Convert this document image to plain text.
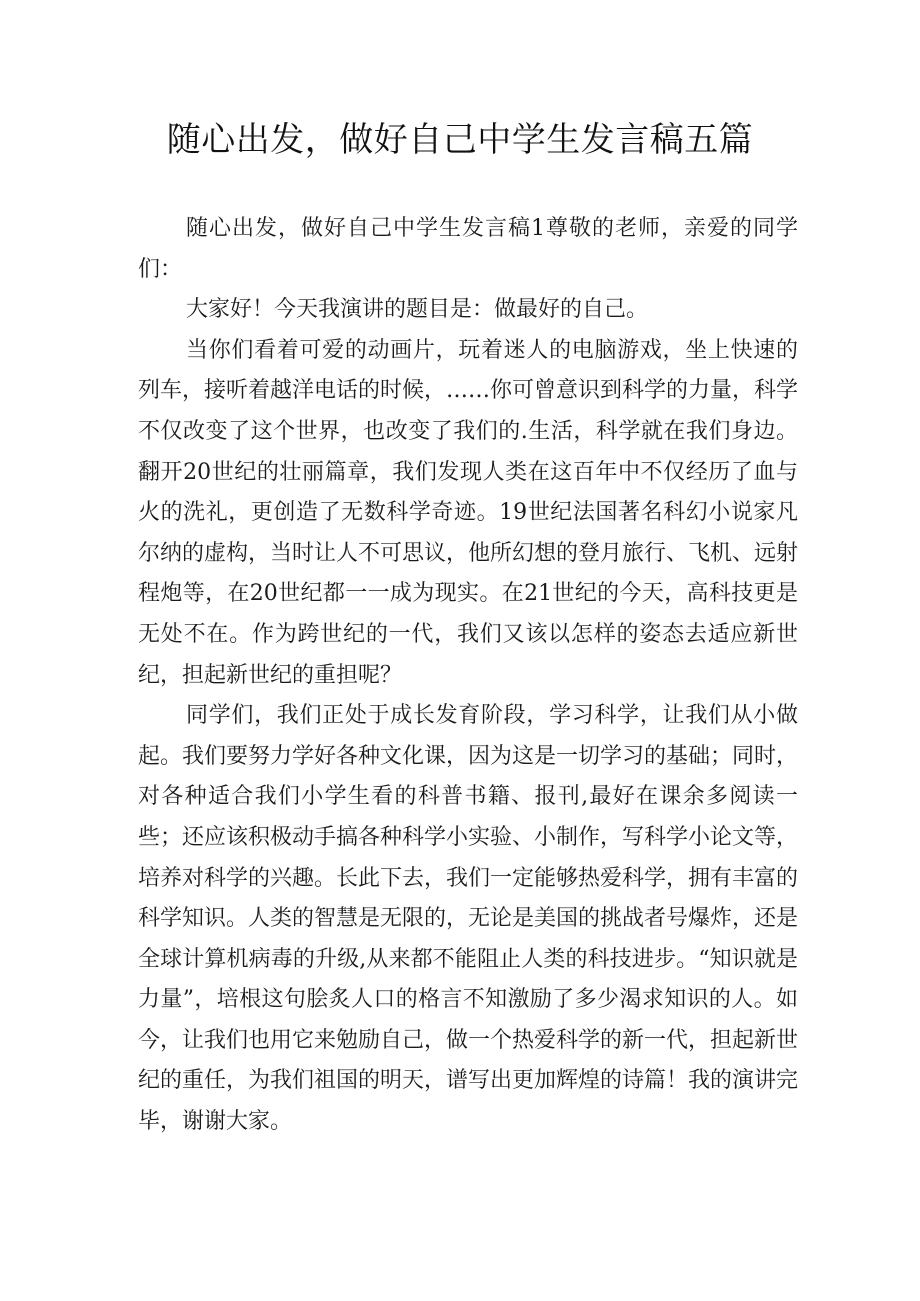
随心出发，做好自己中学生发言稿五篇

随心出发，做好自己中学生发言稿1尊敬的老师，亲爱的同学们：

大家好！今天我演讲的题目是：做最好的自己。

当你们看着可爱的动画片，玩着迷人的电脑游戏，坐上快速的列车，接听着越洋电话的时候，……你可曾意识到科学的力量，科学不仅改变了这个世界，也改变了我们的.生活，科学就在我们身边。翻开20世纪的壮丽篇章，我们发现人类在这百年中不仅经历了血与火的洗礼，更创造了无数科学奇迹。19世纪法国著名科幻小说家凡尔纳的虚构，当时让人不可思议，他所幻想的登月旅行、飞机、远射程炮等，在20世纪都一一成为现实。在21世纪的今天，高科技更是无处不在。作为跨世纪的一代，我们又该以怎样的姿态去适应新世纪，担起新世纪的重担呢？

同学们，我们正处于成长发育阶段，学习科学，让我们从小做起。我们要努力学好各种文化课，因为这是一切学习的基础；同时，对各种适合我们小学生看的科普书籍、报刊,最好在课余多阅读一些；还应该积极动手搞各种科学小实验、小制作，写科学小论文等，培养对科学的兴趣。长此下去，我们一定能够热爱科学，拥有丰富的科学知识。人类的智慧是无限的，无论是美国的挑战者号爆炸，还是全球计算机病毒的升级,从来都不能阻止人类的科技进步。“知识就是力量”，培根这句脍炙人口的格言不知激励了多少渴求知识的人。如今，让我们也用它来勉励自己，做一个热爱科学的新一代，担起新世纪的重任，为我们祖国的明天，谱写出更加辉煌的诗篇！我的演讲完毕，谢谢大家。
